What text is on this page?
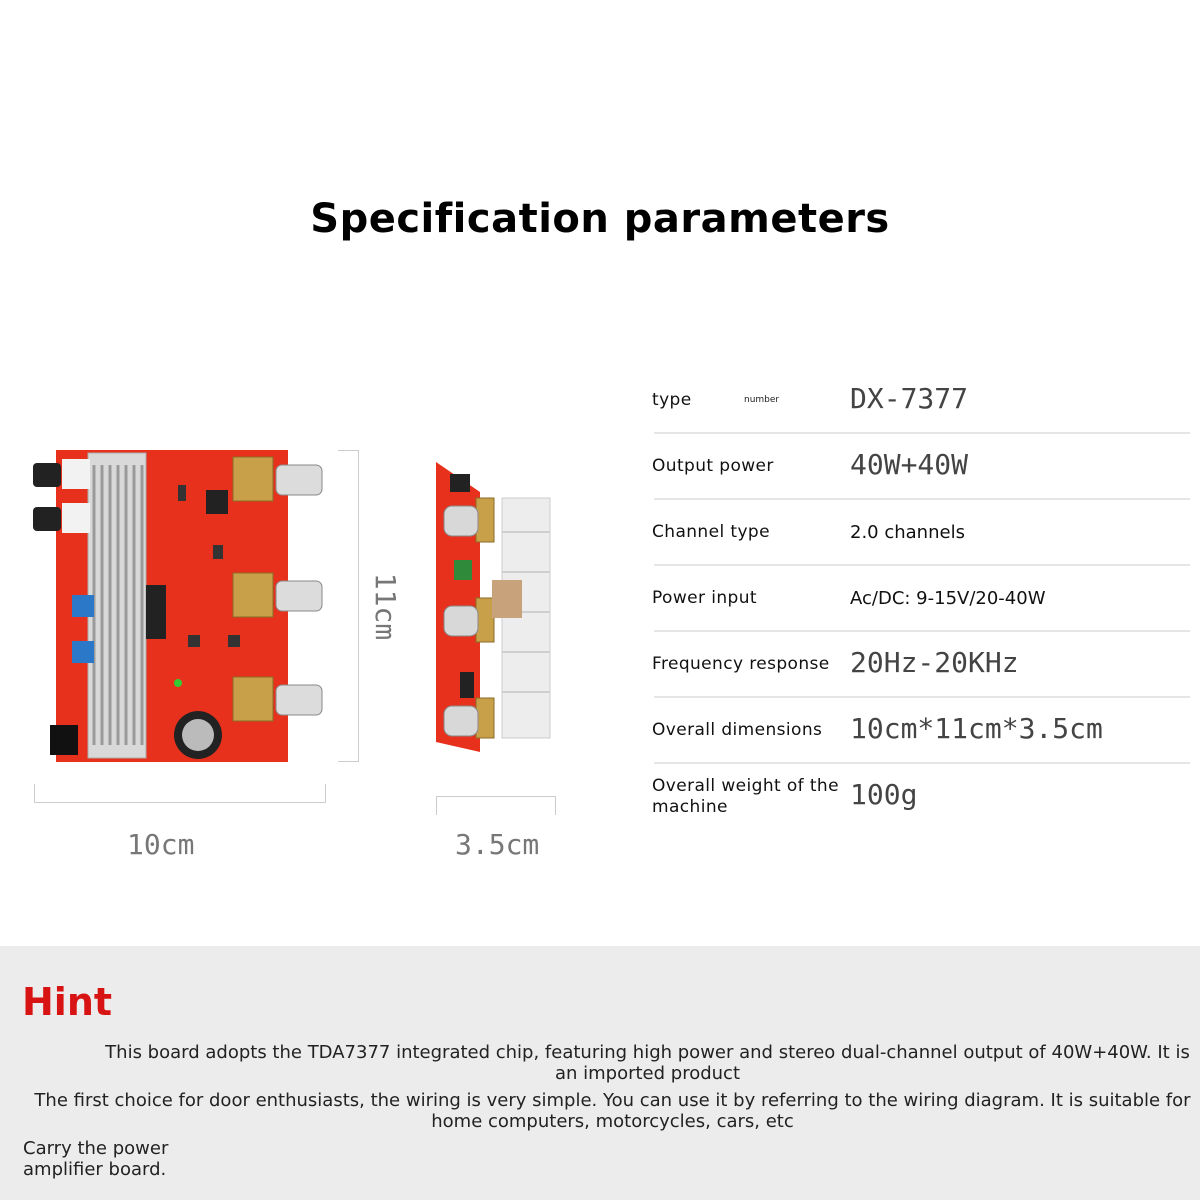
Specification parameters
11cm
10cm	3.5cm
type	number	DX-7377
Output power	40W+40W
Channel type	2.0 channels
Power input	Ac/DC: 9-15V/20-40W
Frequency response 20Hz-20KHz
Overall dimensions 10cm*11cm*3.5cm
Overall weight of the machine	100g
Hint
This board adopts the TDA7377 integrated chip, featuring high power and stereo dual-channel output of 40W+40W. It is an imported product
The first choice for door enthusiasts, the wiring is very simple. You can use it by referring to the wiring diagram. It is suitable for home computers, motorcycles, cars, etc
Carry the power amplifier board.
